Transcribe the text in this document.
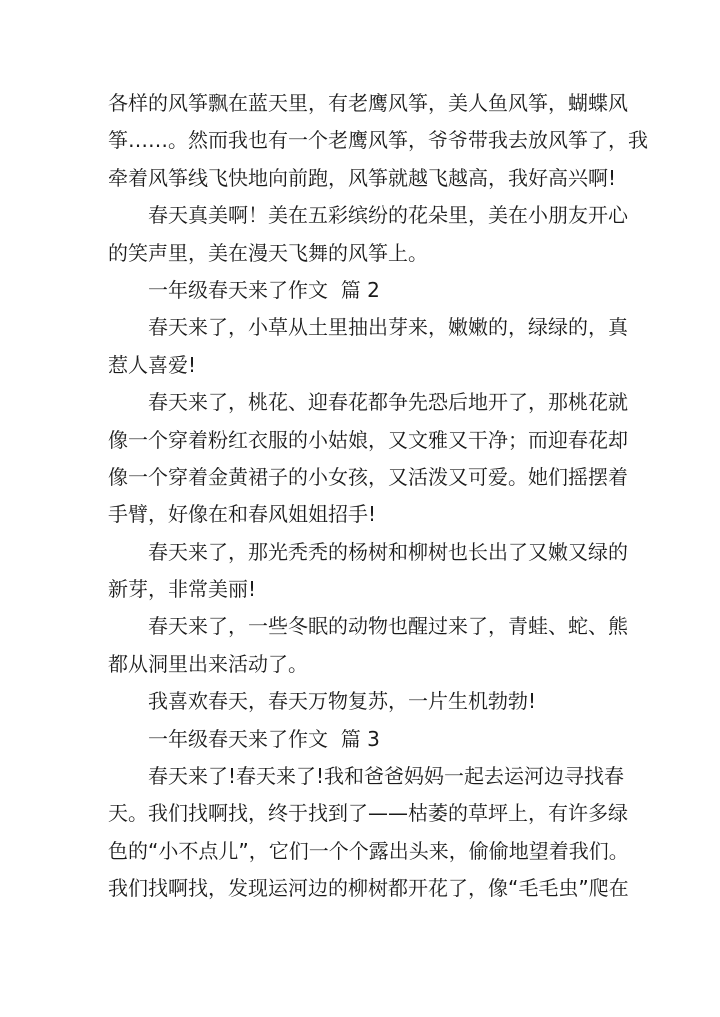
各样的风筝飘在蓝天里，有老鹰风筝，美人鱼风筝，蝴蝶风
筝……。然而我也有一个老鹰风筝，爷爷带我去放风筝了，我
牵着风筝线飞快地向前跑，风筝就越飞越高，我好高兴啊!
春天真美啊！美在五彩缤纷的花朵里，美在小朋友开心
的笑声里，美在漫天飞舞的风筝上。
一年级春天来了作文  篇 2
春天来了，小草从土里抽出芽来，嫩嫩的，绿绿的，真
惹人喜爱!
春天来了，桃花、迎春花都争先恐后地开了，那桃花就
像一个穿着粉红衣服的小姑娘，又文雅又干净；而迎春花却
像一个穿着金黄裙子的小女孩，又活泼又可爱。她们摇摆着
手臂，好像在和春风姐姐招手!
春天来了，那光秃秃的杨树和柳树也长出了又嫩又绿的
新芽，非常美丽!
春天来了，一些冬眠的动物也醒过来了，青蛙、蛇、熊
都从洞里出来活动了。
我喜欢春天，春天万物复苏，一片生机勃勃!
一年级春天来了作文  篇 3
春天来了!春天来了!我和爸爸妈妈一起去运河边寻找春
天。我们找啊找，终于找到了——枯萎的草坪上，有许多绿
色的“小不点儿”，它们一个个露出头来，偷偷地望着我们。
我们找啊找，发现运河边的柳树都开花了，像“毛毛虫”爬在
